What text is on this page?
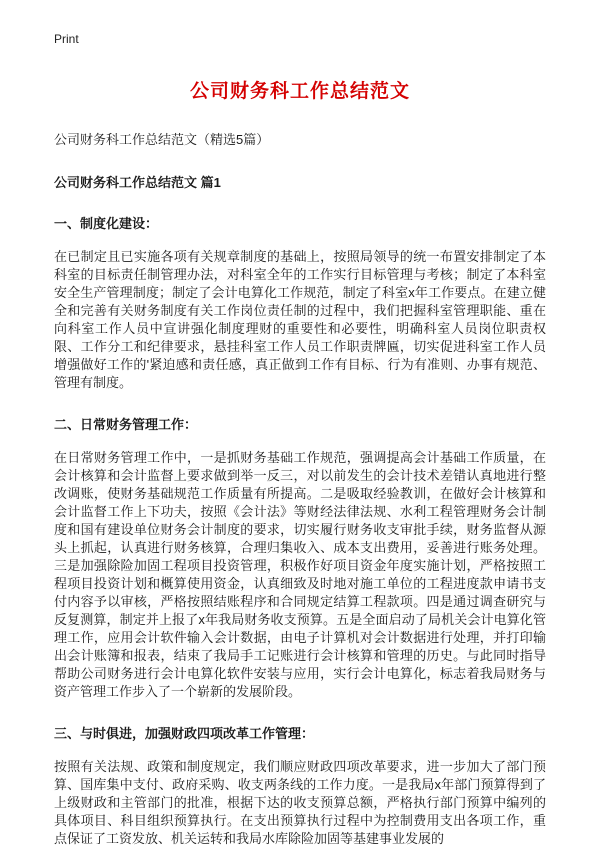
Print
公司财务科工作总结范文
公司财务科工作总结范文（精选5篇）
公司财务科工作总结范文 篇1
一、制度化建设：

在已制定且已实施各项有关规章制度的基础上，按照局领导的统一布置安排制定了本科室的目标责任制管理办法，对科室全年的工作实行目标管理与考核；制定了本科室安全生产管理制度；制定了会计电算化工作规范，制定了科室x年工作要点。在建立健全和完善有关财务制度有关工作岗位责任制的过程中，我们把握科室管理职能、重在向科室工作人员中宣讲强化制度理财的重要性和必要性，明确科室人员岗位职责权限、工作分工和纪律要求，悬挂科室工作人员工作职责牌匾，切实促进科室工作人员增强做好工作的'紧迫感和责任感，真正做到工作有目标、行为有准则、办事有规范、管理有制度。

二、日常财务管理工作：

在日常财务管理工作中，一是抓财务基础工作规范，强调提高会计基础工作质量，在会计核算和会计监督上要求做到举一反三，对以前发生的会计技术差错认真地进行整改调账，使财务基础规范工作质量有所提高。二是吸取经验教训，在做好会计核算和会计监督工作上下功夫，按照《会计法》等财经法律法规、水利工程管理财务会计制度和国有建设单位财务会计制度的要求，切实履行财务收支审批手续，财务监督从源头上抓起，认真进行财务核算，合理归集收入、成本支出费用，妥善进行账务处理。三是加强除险加固工程项目投资管理，积极作好项目资金年度实施计划，严格按照工程项目投资计划和概算使用资金，认真细致及时地对施工单位的工程进度款申请书支付内容予以审核，严格按照结账程序和合同规定结算工程款项。四是通过调查研究与反复测算，制定并上报了x年我局财务收支预算。五是全面启动了局机关会计电算化管理工作，应用会计软件输入会计数据，由电子计算机对会计数据进行处理，并打印输出会计账簿和报表，结束了我局手工记账进行会计核算和管理的历史。与此同时指导帮助公司财务进行会计电算化软件安装与应用，实行会计电算化，标志着我局财务与资产管理工作步入了一个崭新的发展阶段。

三、与时俱进，加强财政四项改革工作管理：

按照有关法规、政策和制度规定，我们顺应财政四项改革要求，进一步加大了部门预算、国库集中支付、政府采购、收支两条线的工作力度。一是我局x年部门预算得到了上级财政和主管部门的批准，根据下达的收支预算总额，严格执行部门预算中编列的具体项目、科目组织预算执行。在支出预算执行过程中为控制费用支出各项工作，重点保证了工资发放、机关运转和我局水库除险加固等基建事业发展的
